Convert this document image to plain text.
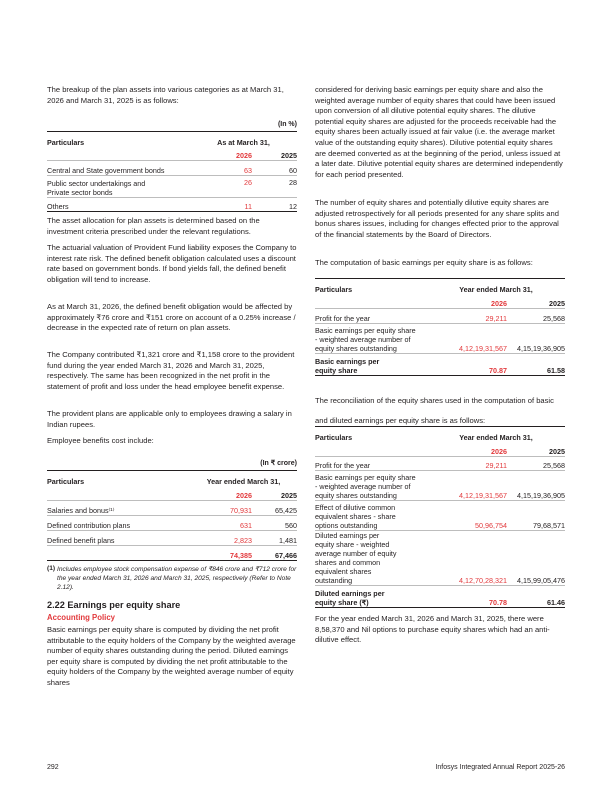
The breakup of the plan assets into various categories as at March 31, 2026 and March 31, 2025 is as follows:

(In %)
Particulars	As at March 31,	
	2026	2025
Central and State government bonds	63	60
Public sector undertakings and Private sector bonds	26	28
Others	11	12

The asset allocation for plan assets is determined based on the investment criteria prescribed under the relevant regulations.

The actuarial valuation of Provident Fund liability exposes the Company to interest rate risk. The defined benefit obligation calculated uses a discount rate based on government bonds. If bond yields fall, the defined benefit obligation will tend to increase.

As at March 31, 2026, the defined benefit obligation would be affected by approximately ₹76 crore and ₹151 crore on account of a 0.25% increase / decrease in the expected rate of return on plan assets.

The Company contributed ₹1,321 crore and ₹1,158 crore to the provident fund during the year ended March 31, 2026 and March 31, 2025, respectively. The same has been recognized in the net profit in the statement of profit and loss under the head employee benefit expense.

The provident plans are applicable only to employees drawing a salary in Indian rupees.

Employee benefits cost include:

(In ₹ crore)
Particulars	Year ended March 31,	
	2026	2025
Salaries and bonus⁽¹⁾	70,931	65,425
Defined contribution plans	631	560
Defined benefit plans	2,823	1,481
	74,385	67,466
(1) Includes employee stock compensation expense of ₹846 crore and ₹712 crore for the year ended March 31, 2026 and March 31, 2025, respectively (Refer to Note 2.12).
2.22 Earnings per equity share
Accounting Policy

Basic earnings per equity share is computed by dividing the net profit attributable to the equity holders of the Company by the weighted average number of equity shares outstanding during the period. Diluted earnings per equity share is computed by dividing the net profit attributable to the equity holders of the Company by the weighted average number of equity shares

considered for deriving basic earnings per equity share and also the weighted average number of equity shares that could have been issued upon conversion of all dilutive potential equity shares. The dilutive potential equity shares are adjusted for the proceeds receivable had the equity shares been actually issued at fair value (i.e. the average market value of the outstanding equity shares). Dilutive potential equity shares are deemed converted as at the beginning of the period, unless issued at a later date. Dilutive potential equity shares are determined independently for each period presented.

The number of equity shares and potentially dilutive equity shares are adjusted retrospectively for all periods presented for any share splits and bonus shares issues, including for changes effected prior to the approval of the financial statements by the Board of Directors.

The computation of basic earnings per equity share is as follows:

Particulars	Year ended March 31,	
	2026	2025
Profit for the year	29,211	25,568
Basic earnings per equity share - weighted average number of equity shares outstanding	4,12,19,31,567	4,15,19,36,905
Basic earnings per equity share	70.87	61.58

The reconciliation of the equity shares used in the computation of basic and diluted earnings per equity share is as follows:

Particulars	Year ended March 31,	
	2026	2025
Profit for the year	29,211	25,568
Basic earnings per equity share - weighted average number of equity shares outstanding	4,12,19,31,567	4,15,19,36,905
Effect of dilutive common equivalent shares - share options outstanding	50,96,754	79,68,571
Diluted earnings per equity share - weighted average number of equity shares and common equivalent shares outstanding	4,12,70,28,321	4,15,99,05,476
Diluted earnings per equity share (₹)	70.78	61.46

For the year ended March 31, 2026 and March 31, 2025, there were 8,58,370 and Nil options to purchase equity shares which had an anti-dilutive effect.

292	Infosys Integrated Annual Report 2025-26
